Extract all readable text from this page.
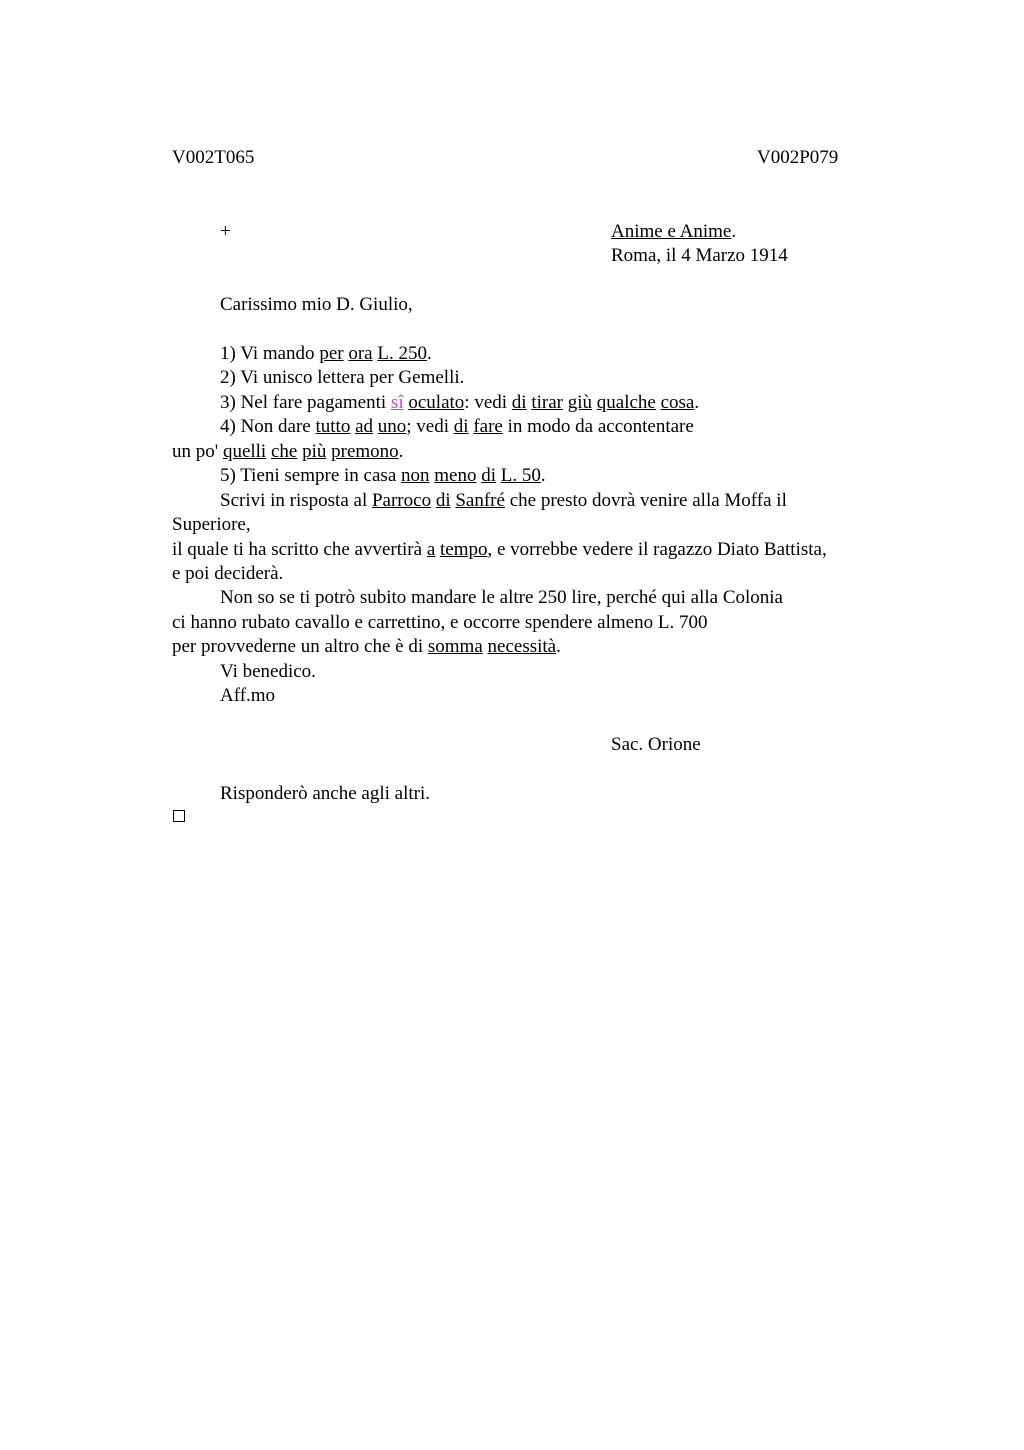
V002T065	V002P079
+	Anime e Anime.
Roma, il 4 Marzo 1914
Carissimo mio D. Giulio,
1) Vi mando per ora L. 250.
2) Vi unisco lettera per Gemelli.
3) Nel fare pagamenti sî oculato: vedi di tirar giù qualche cosa.
4) Non dare tutto ad uno; vedi di fare in modo da accontentare
un po' quelli che più premono.
5) Tieni sempre in casa non meno di L. 50.
Scrivi in risposta al Parroco di Sanfré che presto dovrà venire alla Moffa il
Superiore,
il quale ti ha scritto che avvertirà a tempo, e vorrebbe vedere il ragazzo Diato Battista,
e poi deciderà.
Non so se ti potrò subito mandare le altre 250 lire, perché qui alla Colonia
ci hanno rubato cavallo e carrettino, e occorre spendere almeno L. 700
per provvederne un altro che è di somma necessità.
Vi benedico.
Aff.mo
Sac. Orione
Risponderò anche agli altri.
